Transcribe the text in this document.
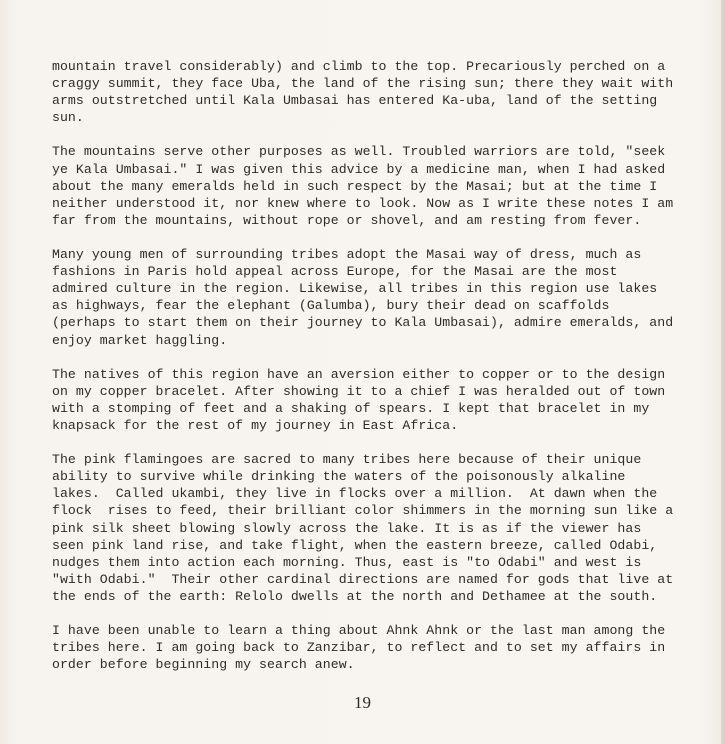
mountain travel considerably) and climb to the top. Precariously perched on a
craggy summit, they face Uba, the land of the rising sun; there they wait with
arms outstretched until Kala Umbasai has entered Ka-uba, land of the setting
sun.
The mountains serve other purposes as well. Troubled warriors are told, "seek
ye Kala Umbasai." I was given this advice by a medicine man, when I had asked
about the many emeralds held in such respect by the Masai; but at the time I
neither understood it, nor knew where to look. Now as I write these notes I am
far from the mountains, without rope or shovel, and am resting from fever.
Many young men of surrounding tribes adopt the Masai way of dress, much as
fashions in Paris hold appeal across Europe, for the Masai are the most
admired culture in the region. Likewise, all tribes in this region use lakes
as highways, fear the elephant (Galumba), bury their dead on scaffolds
(perhaps to start them on their journey to Kala Umbasai), admire emeralds, and
enjoy market haggling.
The natives of this region have an aversion either to copper or to the design
on my copper bracelet. After showing it to a chief I was heralded out of town
with a stomping of feet and a shaking of spears. I kept that bracelet in my
knapsack for the rest of my journey in East Africa.
The pink flamingoes are sacred to many tribes here because of their unique
ability to survive while drinking the waters of the poisonously alkaline
lakes.  Called ukambi, they live in flocks over a million.  At dawn when the
flock  rises to feed, their brilliant color shimmers in the morning sun like a
pink silk sheet blowing slowly across the lake. It is as if the viewer has
seen pink land rise, and take flight, when the eastern breeze, called Odabi,
nudges them into action each morning. Thus, east is "to Odabi" and west is
"with Odabi."  Their other cardinal directions are named for gods that live at
the ends of the earth: Relolo dwells at the north and Dethamee at the south.
I have been unable to learn a thing about Ahnk Ahnk or the last man among the
tribes here. I am going back to Zanzibar, to reflect and to set my affairs in
order before beginning my search anew.
19
